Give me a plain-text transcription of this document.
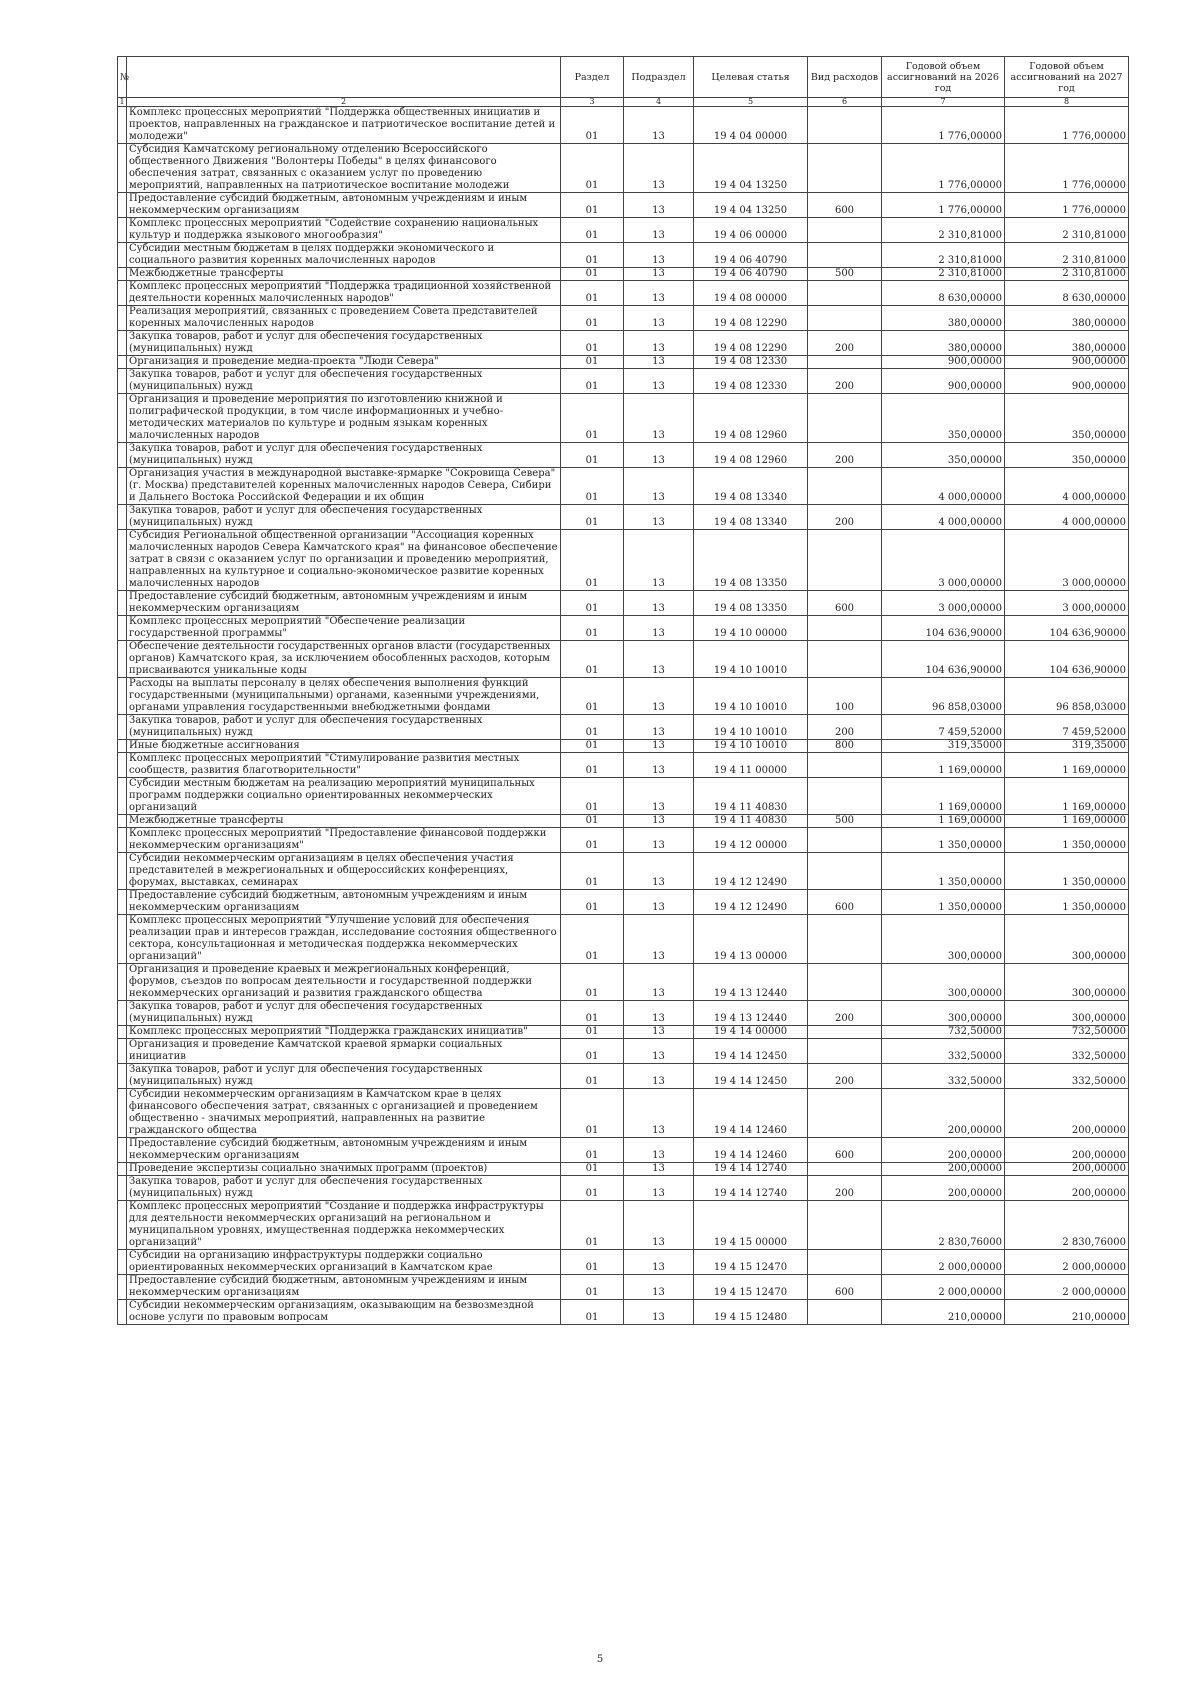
№		Раздел	Подраздел	Целевая статья	Вид расходов	Годовой объем ассигнований на 2026 год	Годовой объем ассигнований на 2027 год
1	2	3	4	5	6	7	8
	Комплекс процессных мероприятий "Поддержка общественных инициатив и проектов, направленных на гражданское и патриотическое воспитание детей и молодежи"	01	13	19 4 04 00000		1 776,00000	1 776,00000
	Субсидия Камчатскому региональному отделению Всероссийского общественного Движения "Волонтеры Победы" в целях финансового обеспечения затрат, связанных с оказанием услуг по проведению мероприятий, направленных на патриотическое воспитание молодежи	01	13	19 4 04 13250		1 776,00000	1 776,00000
	Предоставление субсидий бюджетным, автономным учреждениям и иным некоммерческим организациям	01	13	19 4 04 13250	600	1 776,00000	1 776,00000
	Комплекс процессных мероприятий "Содействие сохранению национальных культур и поддержка языкового многообразия"	01	13	19 4 06 00000		2 310,81000	2 310,81000
	Субсидии местным бюджетам в целях поддержки экономического и социального развития коренных малочисленных народов	01	13	19 4 06 40790		2 310,81000	2 310,81000
	Межбюджетные трансферты	01	13	19 4 06 40790	500	2 310,81000	2 310,81000
	Комплекс процессных мероприятий "Поддержка традиционной хозяйственной деятельности коренных малочисленных народов"	01	13	19 4 08 00000		8 630,00000	8 630,00000
	Реализация мероприятий, связанных с проведением Совета представителей коренных малочисленных народов	01	13	19 4 08 12290		380,00000	380,00000
	Закупка товаров, работ и услуг для обеспечения государственных (муниципальных) нужд	01	13	19 4 08 12290	200	380,00000	380,00000
	Организация и проведение медиа-проекта "Люди Севера"	01	13	19 4 08 12330		900,00000	900,00000
	Закупка товаров, работ и услуг для обеспечения государственных (муниципальных) нужд	01	13	19 4 08 12330	200	900,00000	900,00000
	Организация и проведение мероприятия по изготовлению книжной и полиграфической продукции, в том числе информационных и учебно-методических материалов по культуре и родным языкам коренных малочисленных народов	01	13	19 4 08 12960		350,00000	350,00000
	Закупка товаров, работ и услуг для обеспечения государственных (муниципальных) нужд	01	13	19 4 08 12960	200	350,00000	350,00000
	Организация участия в международной выставке-ярмарке "Сокровища Севера" (г. Москва) представителей коренных малочисленных народов Севера, Сибири и Дальнего Востока Российской Федерации и их общин	01	13	19 4 08 13340		4 000,00000	4 000,00000
	Закупка товаров, работ и услуг для обеспечения государственных (муниципальных) нужд	01	13	19 4 08 13340	200	4 000,00000	4 000,00000
	Субсидия Региональной общественной организации "Ассоциация коренных малочисленных народов Севера Камчатского края" на финансовое обеспечение затрат в связи с оказанием услуг по организации и проведению мероприятий, направленных на культурное и социально-экономическое развитие коренных малочисленных народов	01	13	19 4 08 13350		3 000,00000	3 000,00000
	Предоставление субсидий бюджетным, автономным учреждениям и иным некоммерческим организациям	01	13	19 4 08 13350	600	3 000,00000	3 000,00000
	Комплекс процессных мероприятий "Обеспечение реализации государственной программы"	01	13	19 4 10 00000		104 636,90000	104 636,90000
	Обеспечение деятельности государственных органов власти (государственных органов) Камчатского края, за исключением обособленных расходов, которым присваиваются уникальные коды	01	13	19 4 10 10010		104 636,90000	104 636,90000
	Расходы на выплаты персоналу в целях обеспечения выполнения функций государственными (муниципальными) органами, казенными учреждениями, органами управления государственными внебюджетными фондами	01	13	19 4 10 10010	100	96 858,03000	96 858,03000
	Закупка товаров, работ и услуг для обеспечения государственных (муниципальных) нужд	01	13	19 4 10 10010	200	7 459,52000	7 459,52000
	Иные бюджетные ассигнования	01	13	19 4 10 10010	800	319,35000	319,35000
	Комплекс процессных мероприятий "Стимулирование развития местных сообществ, развития благотворительности"	01	13	19 4 11 00000		1 169,00000	1 169,00000
	Субсидии местным бюджетам на реализацию мероприятий муниципальных программ поддержки социально ориентированных некоммерческих организаций	01	13	19 4 11 40830		1 169,00000	1 169,00000
	Межбюджетные трансферты	01	13	19 4 11 40830	500	1 169,00000	1 169,00000
	Комплекс процессных мероприятий "Предоставление финансовой поддержки некоммерческим организациям"	01	13	19 4 12 00000		1 350,00000	1 350,00000
	Субсидии некоммерческим организациям в целях обеспечения участия представителей в межрегиональных и общероссийских конференциях, форумах, выставках, семинарах	01	13	19 4 12 12490		1 350,00000	1 350,00000
	Предоставление субсидий бюджетным, автономным учреждениям и иным некоммерческим организациям	01	13	19 4 12 12490	600	1 350,00000	1 350,00000
	Комплекс процессных мероприятий "Улучшение условий для обеспечения реализации прав и интересов граждан, исследование состояния общественного сектора, консультационная и методическая поддержка некоммерческих организаций"	01	13	19 4 13 00000		300,00000	300,00000
	Организация и проведение краевых и межрегиональных конференций, форумов, съездов по вопросам деятельности и государственной поддержки некоммерческих организаций и развития гражданского общества	01	13	19 4 13 12440		300,00000	300,00000
	Закупка товаров, работ и услуг для обеспечения государственных (муниципальных) нужд	01	13	19 4 13 12440	200	300,00000	300,00000
	Комплекс процессных мероприятий "Поддержка гражданских инициатив"	01	13	19 4 14 00000		732,50000	732,50000
	Организация и проведение Камчатской краевой ярмарки социальных инициатив	01	13	19 4 14 12450		332,50000	332,50000
	Закупка товаров, работ и услуг для обеспечения государственных (муниципальных) нужд	01	13	19 4 14 12450	200	332,50000	332,50000
	Субсидии некоммерческим организациям в Камчатском крае в целях финансового обеспечения затрат, связанных с организацией и проведением общественно - значимых мероприятий, направленных на развитие гражданского общества	01	13	19 4 14 12460		200,00000	200,00000
	Предоставление субсидий бюджетным, автономным учреждениям и иным некоммерческим организациям	01	13	19 4 14 12460	600	200,00000	200,00000
	Проведение экспертизы социально значимых программ (проектов)	01	13	19 4 14 12740		200,00000	200,00000
	Закупка товаров, работ и услуг для обеспечения государственных (муниципальных) нужд	01	13	19 4 14 12740	200	200,00000	200,00000
	Комплекс процессных мероприятий "Создание и поддержка инфраструктуры для деятельности некоммерческих организаций на региональном и муниципальном уровнях, имущественная поддержка некоммерческих организаций"	01	13	19 4 15 00000		2 830,76000	2 830,76000
	Субсидии на организацию инфраструктуры поддержки социально ориентированных некоммерческих организаций в Камчатском крае	01	13	19 4 15 12470		2 000,00000	2 000,00000
	Предоставление субсидий бюджетным, автономным учреждениям и иным некоммерческим организациям	01	13	19 4 15 12470	600	2 000,00000	2 000,00000
	Субсидии некоммерческим организациям, оказывающим на безвозмездной основе услуги по правовым вопросам	01	13	19 4 15 12480		210,00000	210,00000
5
